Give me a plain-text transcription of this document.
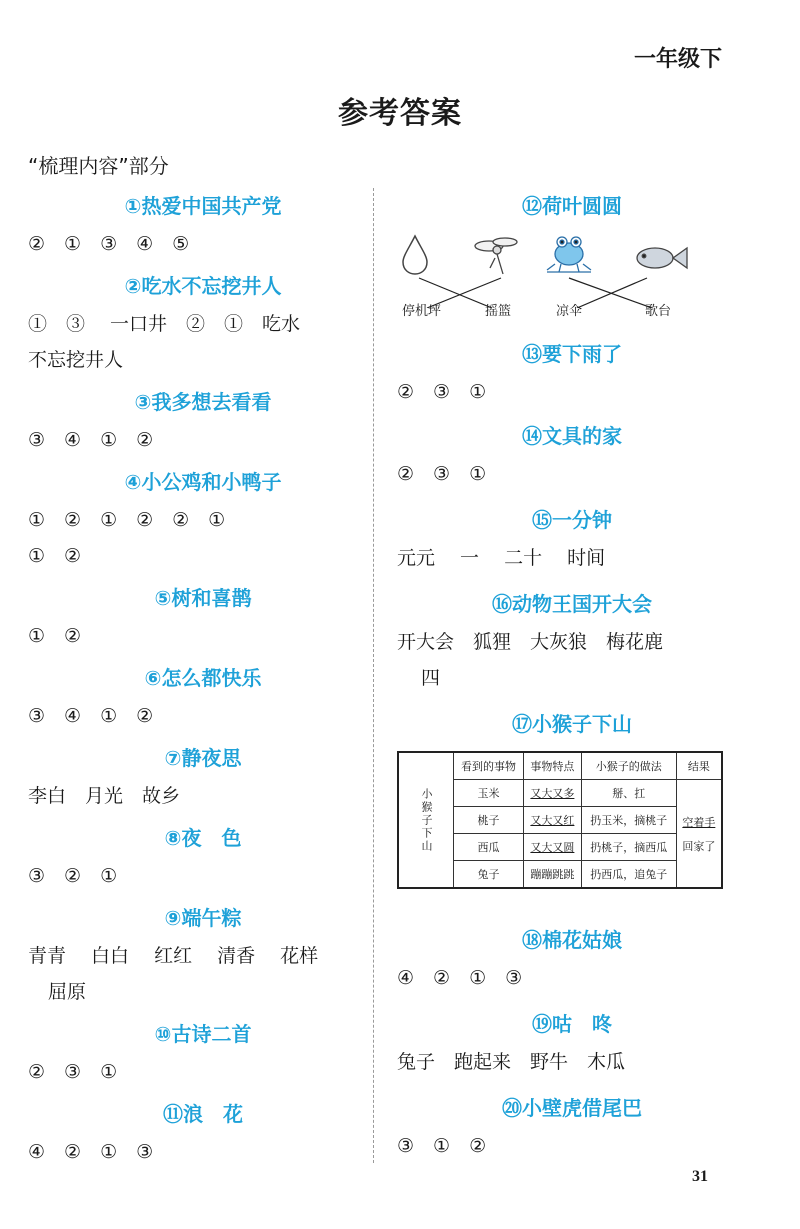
一年级下
参考答案
“梳理内容”部分
①热爱中国共产党
②　①　③　④　⑤
②吃水不忘挖井人
①　③　 一口井　②　①　吃水
不忘挖井人
③我多想去看看
③　④　①　②
④小公鸡和小鸭子
①　②　①　②　②　①
①　②
⑤树和喜鹊
①　②
⑥怎么都快乐
③　④　①　②
⑦静夜思
李白　月光　故乡
⑧夜　色
③　②　①
⑨端午粽
青青　 白白　 红红　 清香　 花样
屈原
⑩古诗二首
②　③　①
⑪浪　花
④　②　①　③
⑫荷叶圆圆
停机坪	摇篮	凉伞	歌台
⑬要下雨了
②　③　①
⑭文具的家
②　③　①
⑮一分钟
元元　 一　 二十　 时间
⑯动物王国开大会
开大会　狐狸　大灰狼　梅花鹿
四
⑰小猴子下山
小猴子下山	看到的事物	事物特点	小猴子的做法	结果
	玉米	又大又多	掰、扛	空着手
回家了

	桃子	又大又红	扔玉米，摘桃子	
	西瓜	又大又圆	扔桃子，摘西瓜	
	兔子	蹦蹦跳跳	扔西瓜，追兔子	
⑱棉花姑娘
④　②　①　③
⑲咕　咚
兔子　跑起来　野牛　木瓜
⑳小壁虎借尾巴
③　①　②
31
